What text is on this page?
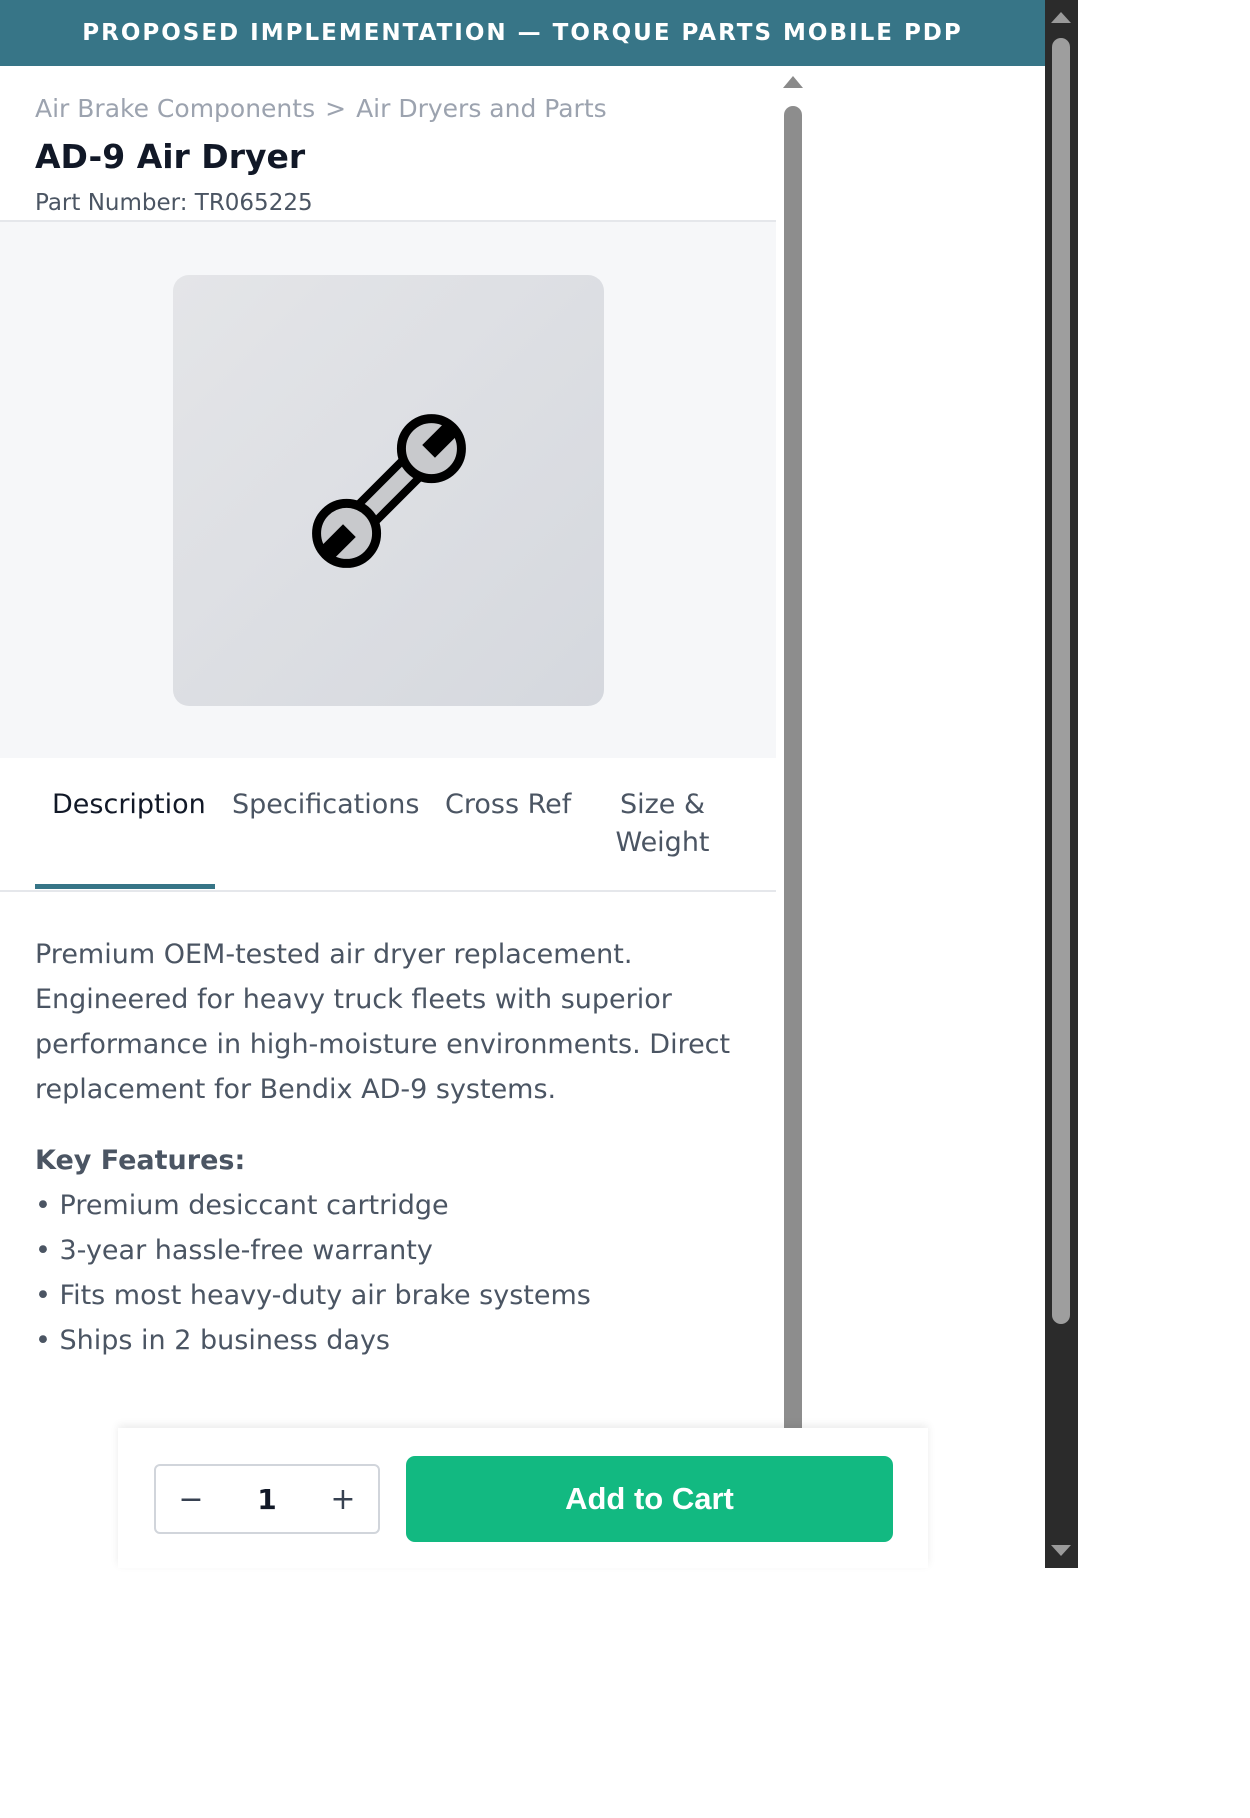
PROPOSED IMPLEMENTATION — TORQUE PARTS MOBILE PDP
Air Brake Components > Air Dryers and Parts
AD-9 Air Dryer
Part Number: TR065225
Description Specifications Cross Ref	Size & Weight
Premium OEM-tested air dryer replacement. Engineered for heavy truck fleets with superior performance in high-moisture environments. Direct replacement for Bendix AD-9 systems.
Key Features:
• Premium desiccant cartridge
• 3-year hassle-free warranty
• Fits most heavy-duty air brake systems
• Ships in 2 business days
−	1	+	Add to Cart
